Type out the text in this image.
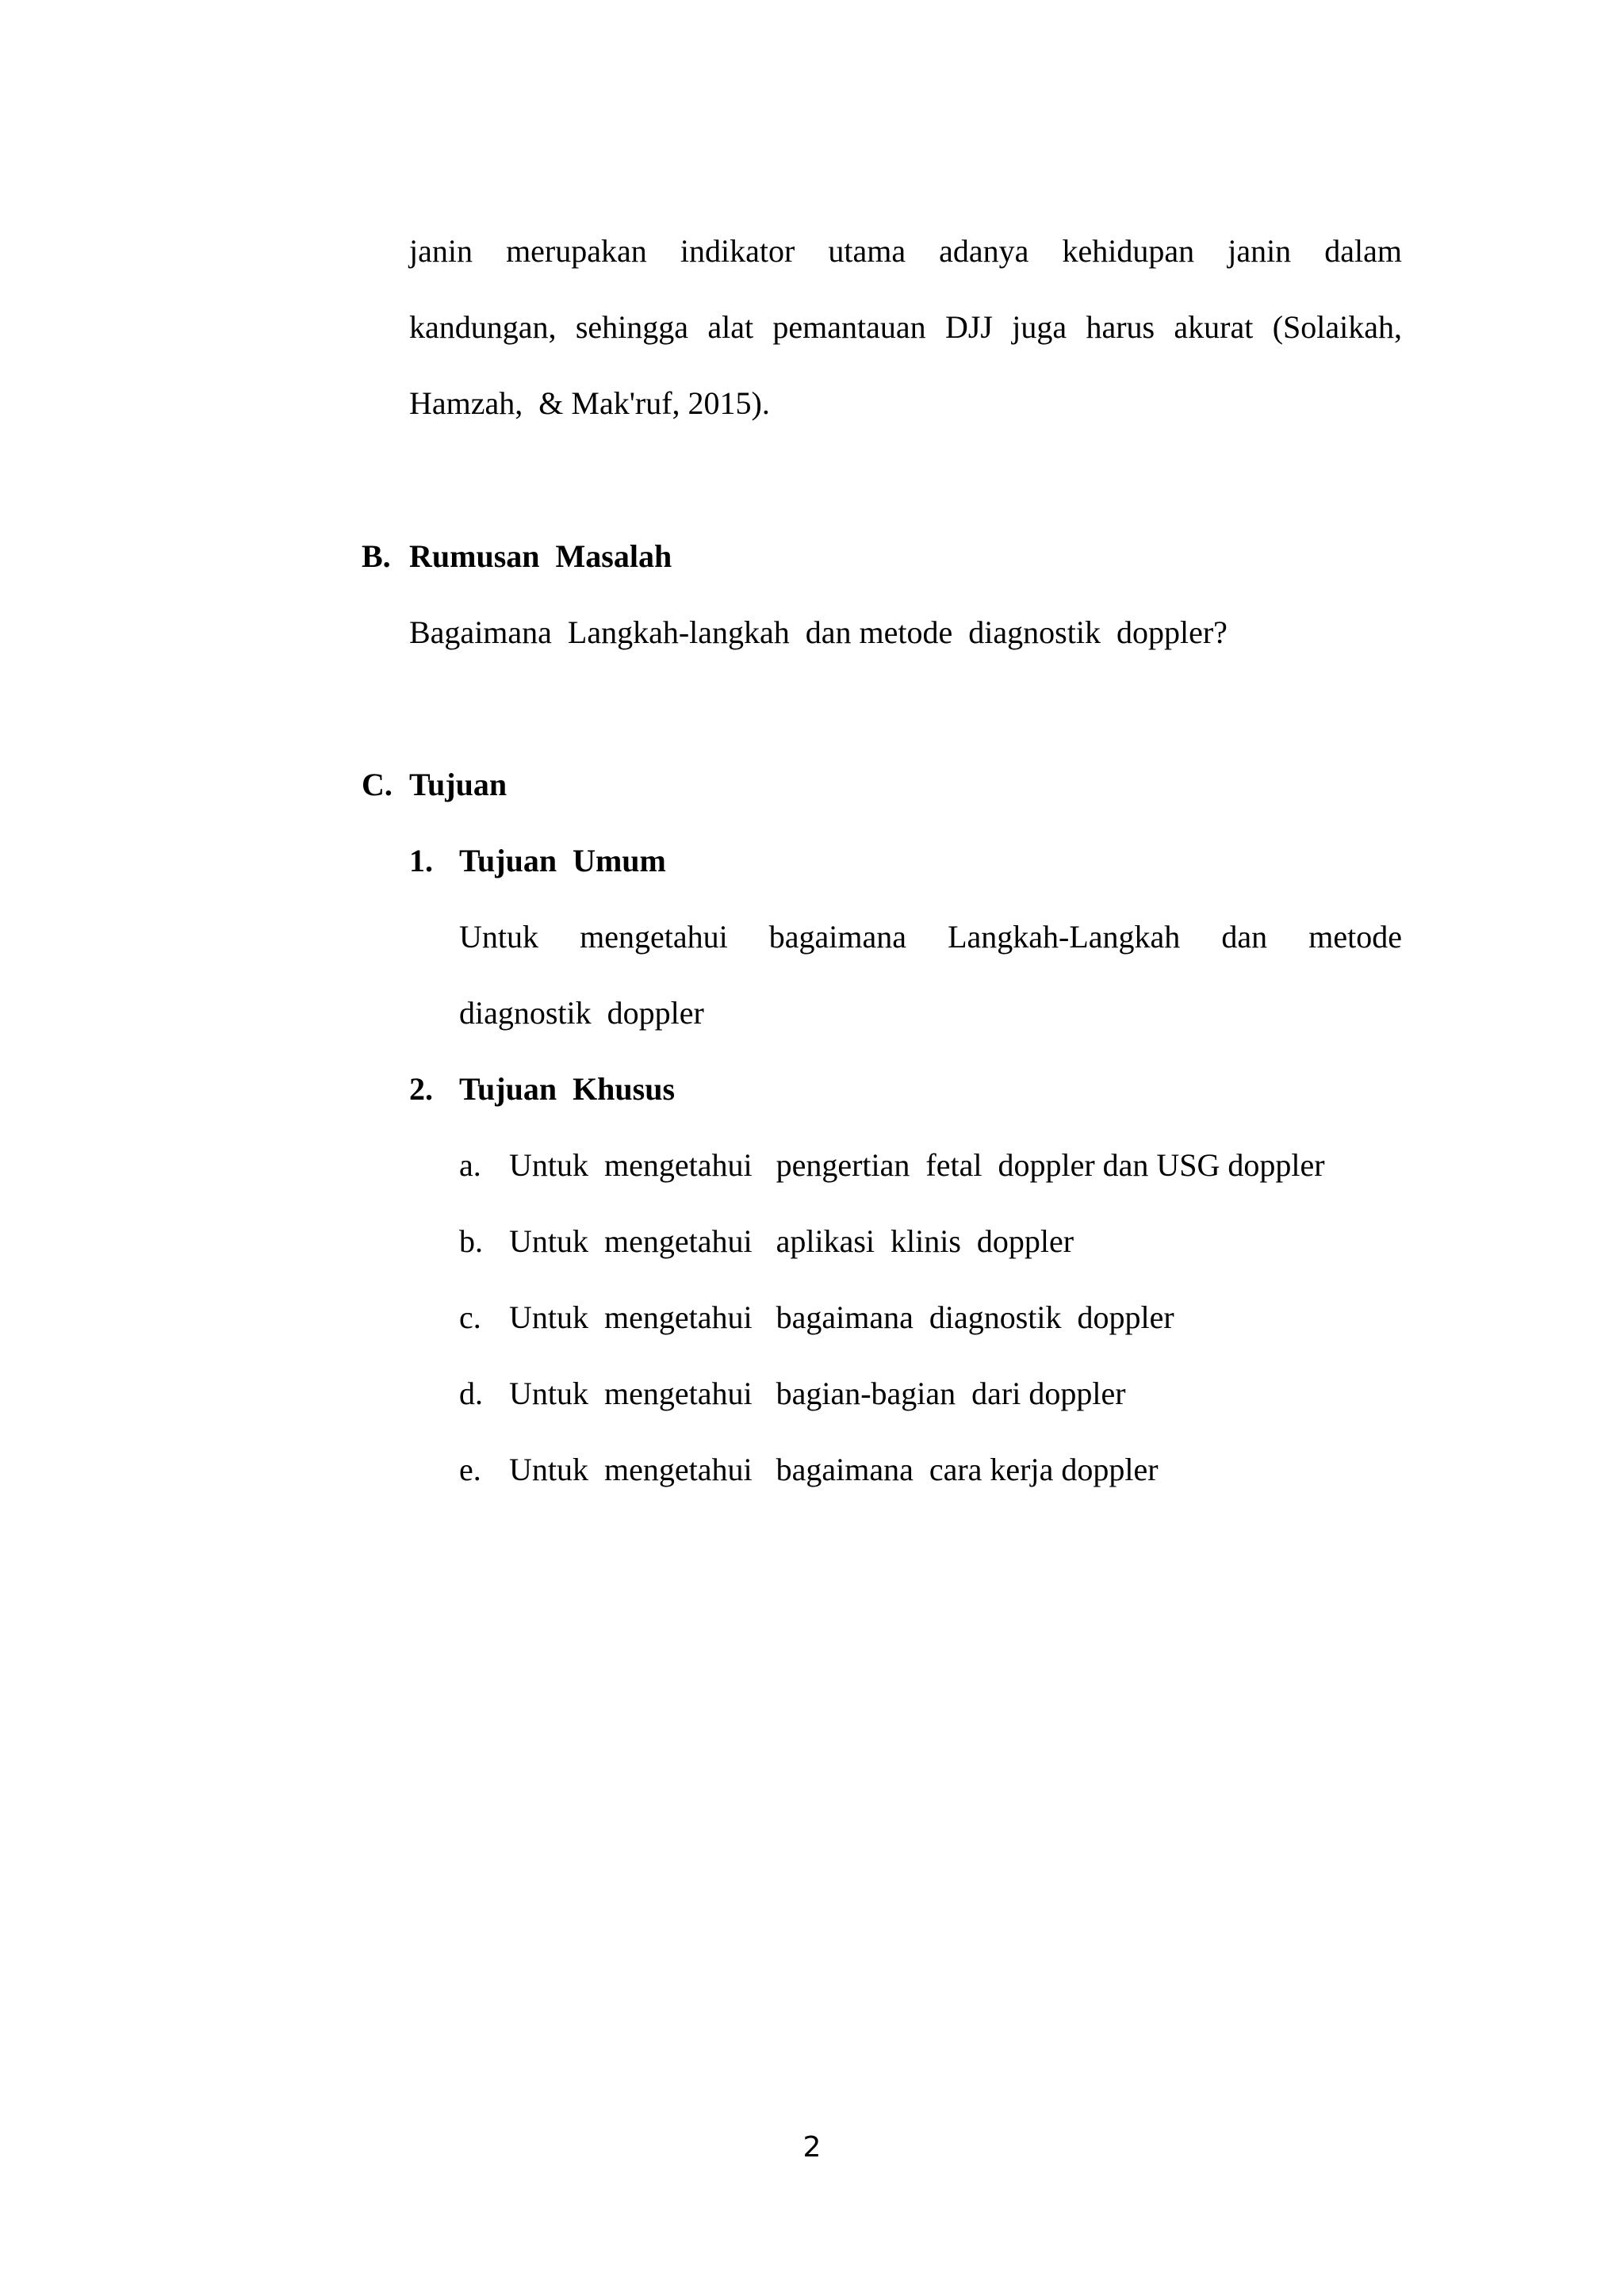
janin merupakan indikator utama adanya kehidupan janin dalam
kandungan, sehingga alat pemantauan DJJ juga harus akurat (Solaikah,
Hamzah,  & Mak'ruf, 2015).
B. Rumusan  Masalah
Bagaimana  Langkah-langkah  dan metode  diagnostik  doppler?
C. Tujuan
1. Tujuan  Umum
Untuk mengetahui bagaimana Langkah-Langkah dan metode
diagnostik  doppler
2. Tujuan  Khusus
a. Untuk  mengetahui   pengertian  fetal  doppler dan USG doppler
b. Untuk  mengetahui   aplikasi  klinis  doppler
c. Untuk  mengetahui   bagaimana  diagnostik  doppler
d. Untuk  mengetahui   bagian-bagian  dari doppler
e. Untuk  mengetahui   bagaimana  cara kerja doppler
2
